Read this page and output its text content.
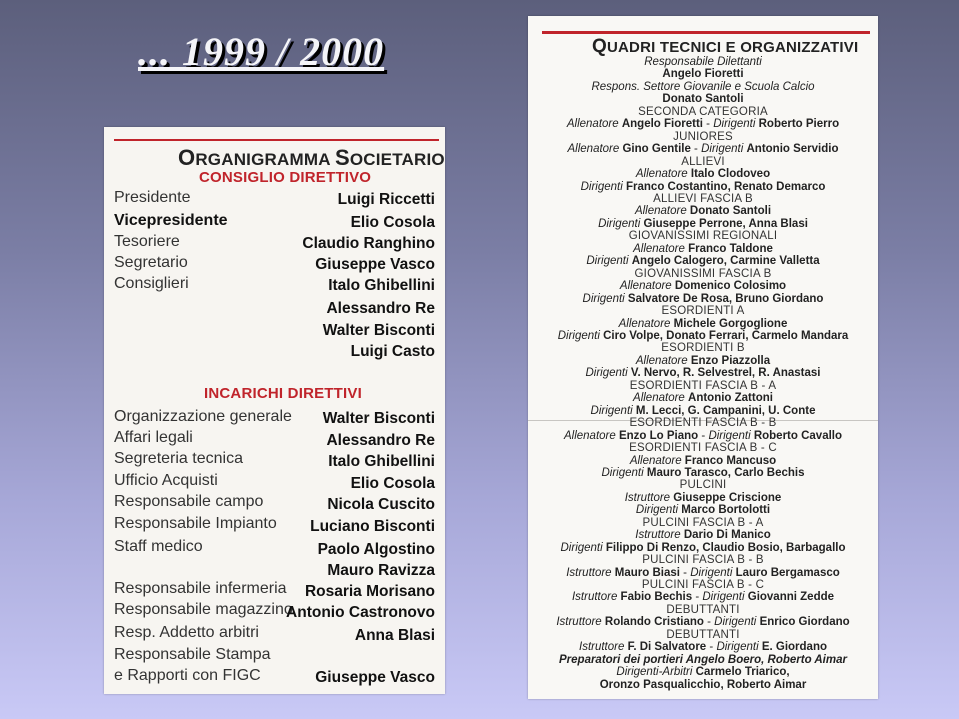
... 1999 / 2000
ORGANIGRAMMA SOCIETARIO
CONSIGLIO DIRETTIVO
Presidente	Luigi Riccetti
Vicepresidente	Elio Cosola
Tesoriere	Claudio Ranghino
Segretario	Giuseppe Vasco
Consiglieri	Italo Ghibellini
Alessandro Re
Walter Bisconti
Luigi Casto
INCARICHI DIRETTIVI
Organizzazione generale Walter Bisconti
Affari legali	Alessandro Re
Segreteria tecnica	Italo Ghibellini
Ufficio Acquisti	Elio Cosola
Responsabile campo	Nicola Cuscito
Responsabile Impianto Luciano Bisconti
Staff medico	Paolo Algostino
Mauro Ravizza
Responsabile infermeria Rosaria Morisano
Responsabile magazzino
Antonio Castronovo
Resp. Addetto arbitri	Anna Blasi
Responsabile Stampa
e Rapporti con FIGC	Giuseppe Vasco
QUADRI TECNICI E ORGANIZZATIVI
Responsabile Dilettanti
Angelo Fioretti
Respons. Settore Giovanile e Scuola Calcio
Donato Santoli
SECONDA CATEGORIA
Allenatore Angelo Fioretti - Dirigenti Roberto Pierro
JUNIORES
Allenatore Gino Gentile - Dirigenti Antonio Servidio
ALLIEVI
Allenatore Italo Clodoveo
Dirigenti Franco Costantino, Renato Demarco
ALLIEVI FASCIA B
Allenatore Donato Santoli
Dirigenti Giuseppe Perrone, Anna Blasi
GIOVANISSIMI REGIONALI
Allenatore Franco Taldone
Dirigenti Angelo Calogero, Carmine Valletta
GIOVANISSIMI FASCIA B
Allenatore Domenico Colosimo
Dirigenti Salvatore De Rosa, Bruno Giordano
ESORDIENTI A
Allenatore Michele Gorgoglione
Dirigenti Ciro Volpe, Donato Ferrari, Carmelo Mandara
ESORDIENTI B
Allenatore Enzo Piazzolla
Dirigenti V. Nervo, R. Selvestrel, R. Anastasi
ESORDIENTI FASCIA B - A
Allenatore Antonio Zattoni
Dirigenti M. Lecci, G. Campanini, U. Conte
ESORDIENTI FASCIA B - B
Allenatore Enzo Lo Piano - Dirigenti Roberto Cavallo
ESORDIENTI FASCIA B - C
Allenatore Franco Mancuso
Dirigenti Mauro Tarasco, Carlo Bechis
PULCINI
Istruttore Giuseppe Criscione
Dirigenti Marco Bortolotti
PULCINI FASCIA B - A
Istruttore Dario Di Manico
Dirigenti Filippo Di Renzo, Claudio Bosio, Barbagallo
PULCINI FASCIA B - B
Istruttore Mauro Biasi - Dirigenti Lauro Bergamasco
PULCINI FASCIA B - C
Istruttore Fabio Bechis - Dirigenti Giovanni Zedde
DEBUTTANTI
Istruttore Rolando Cristiano - Dirigenti Enrico Giordano
DEBUTTANTI
Istruttore F. Di Salvatore - Dirigenti E. Giordano
Preparatori dei portieri Angelo Boero, Roberto Aimar
Dirigenti-Arbitri Carmelo Triarico,
Oronzo Pasqualicchio, Roberto Aimar
